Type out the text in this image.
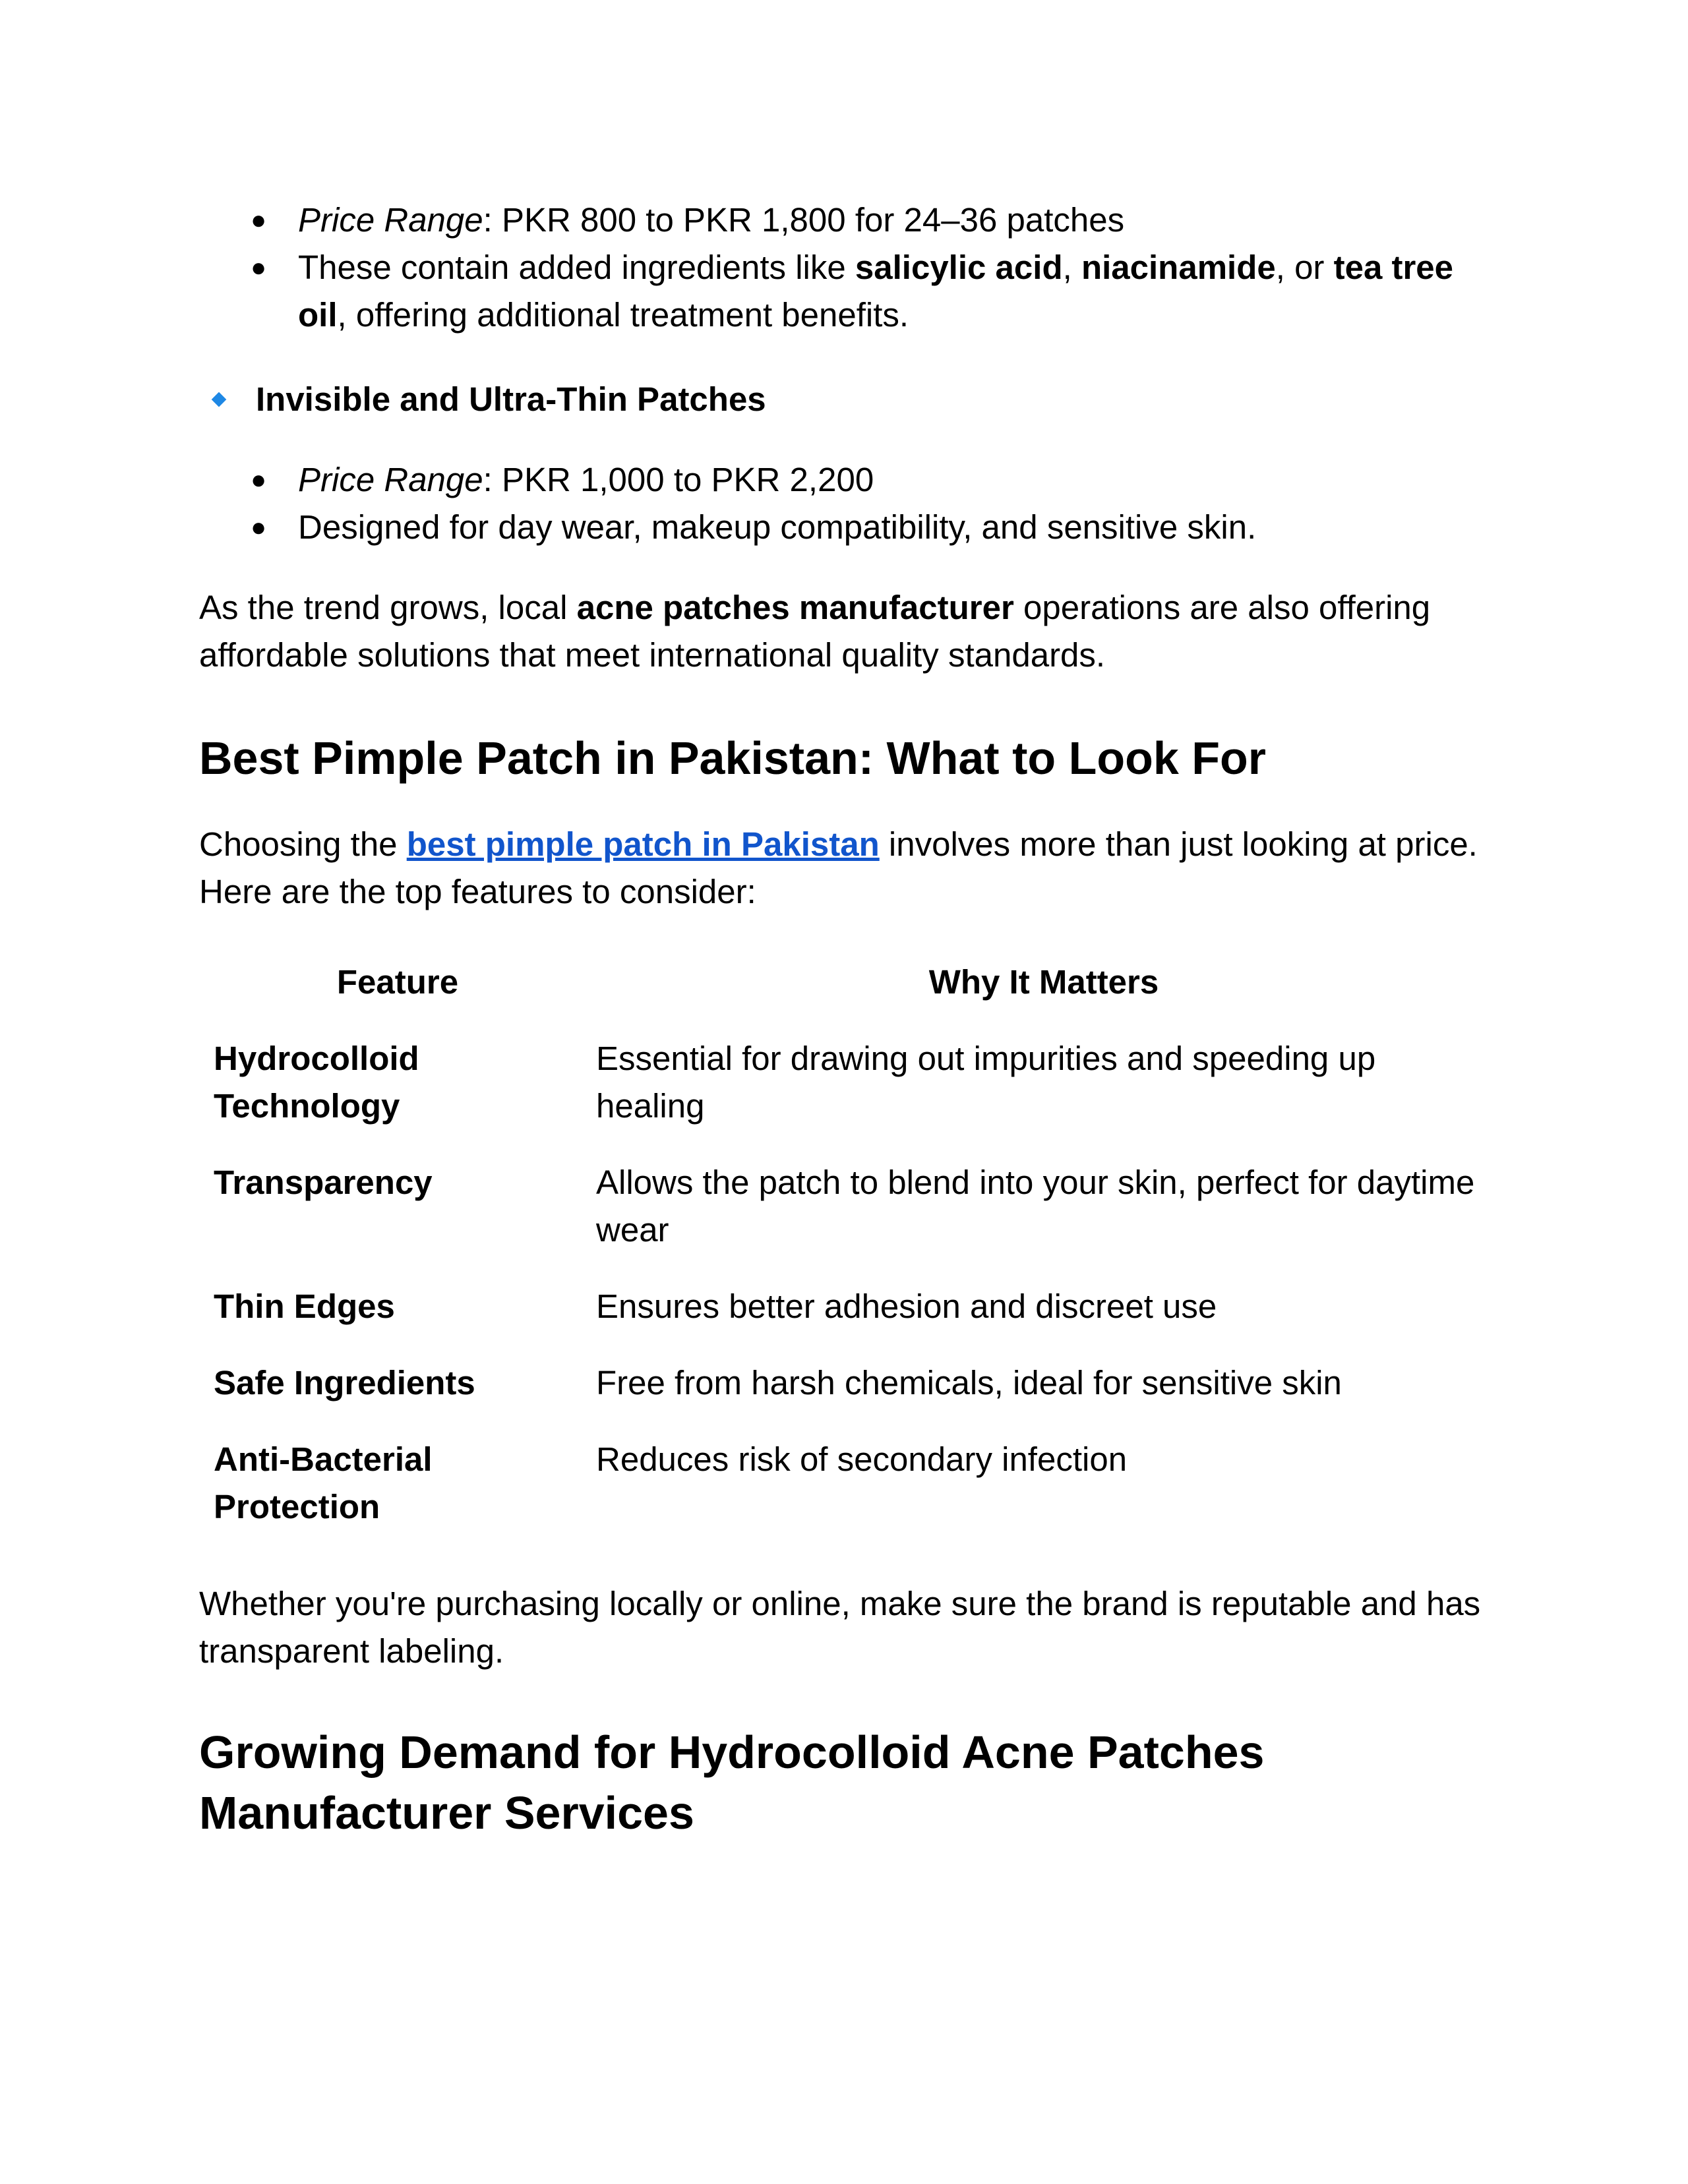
● Price Range: PKR 800 to PKR 1,800 for 24–36 patches
● These contain added ingredients like salicylic acid, niacinamide, or tea tree oil, offering additional treatment benefits.
Invisible and Ultra-Thin Patches
● Price Range: PKR 1,000 to PKR 2,200
● Designed for day wear, makeup compatibility, and sensitive skin.

As the trend grows, local acne patches manufacturer operations are also offering affordable solutions that meet international quality standards.

Best Pimple Patch in Pakistan: What to Look For

Choosing the best pimple patch in Pakistan involves more than just looking at price. Here are the top features to consider:

Feature	Why It Matters
Hydrocolloid Technology	Essential for drawing out impurities and speeding up healing
Transparency	Allows the patch to blend into your skin, perfect for daytime wear
Thin Edges	Ensures better adhesion and discreet use
Safe Ingredients	Free from harsh chemicals, ideal for sensitive skin
Anti-Bacterial Protection	Reduces risk of secondary infection

Whether you're purchasing locally or online, make sure the brand is reputable and has transparent labeling.

Growing Demand for Hydrocolloid Acne Patches Manufacturer Services
